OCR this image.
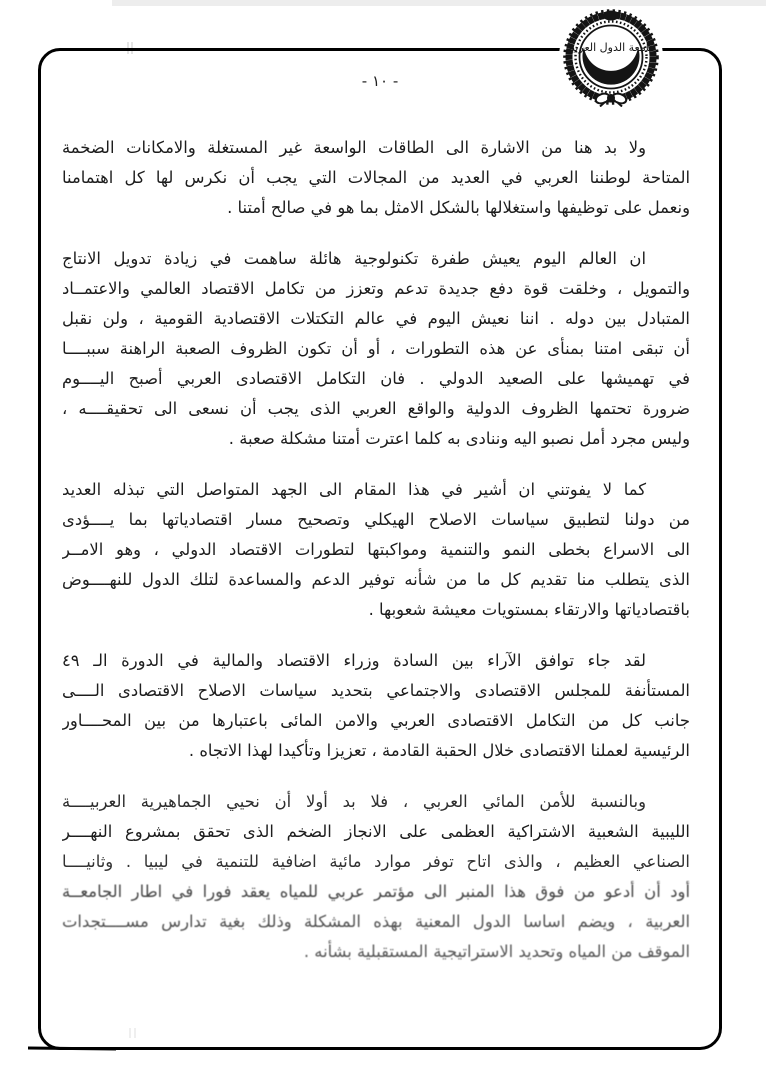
جامعة الدول العربية
- ١٠ -
ولا بد هنا من الاشارة الى الطاقات الواسعة غير المستغلة والامكانات الضخمة
المتاحة لوطننا العربي في العديد من المجالات التي يجب أن نكرس لها كل اهتمامنا
ونعمل على توظيفها واستغلالها بالشكل الامثل بما هو في صالح أمتنا .
ان العالم اليوم يعيش طفرة تكنولوجية هائلة ساهمت في زيادة تدويل الانتاج
والتمويل ، وخلقت قوة دفع جديدة تدعم وتعزز من تكامل الاقتصاد العالمي والاعتمــاد
المتبادل بين دوله . اننا نعيش اليوم في عالم التكتلات الاقتصادية القومية ، ولن نقبل
أن تبقى امتنا بمنأى عن هذه التطورات ، أو أن تكون الظروف الصعبة الراهنة سببــــا
في تهميشها على الصعيد الدولي . فان التكامل الاقتصادى العربي أصبح اليــــوم
ضرورة تحتمها الظروف الدولية والواقع العربي الذى يجب أن نسعى الى تحقيقــــه ،
وليس مجرد أمل نصبو اليه وننادى به كلما اعترت أمتنا مشكلة صعبة .
كما لا يفوتني ان أشير في هذا المقام الى الجهد المتواصل التي تبذله العديد
من دولنا لتطبيق سياسات الاصلاح الهيكلي وتصحيح مسار اقتصادياتها بما يــــؤدى
الى الاسراع بخطى النمو والتنمية ومواكبتها لتطورات الاقتصاد الدولي ، وهو الامــر
الذى يتطلب منا تقديم كل ما من شأنه توفير الدعم والمساعدة لتلك الدول للنهــــوض
باقتصادياتها والارتقاء بمستويات معيشة شعوبها .
لقد جاء توافق الآراء بين السادة وزراء الاقتصاد والمالية في الدورة الـ ٤٩
المستأنفة للمجلس الاقتصادى والاجتماعي بتحديد سياسات الاصلاح الاقتصادى الــــى
جانب كل من التكامل الاقتصادى العربي والامن المائى باعتبارها من بين المحــــاور
الرئيسية لعملنا الاقتصادى خلال الحقبة القادمة ، تعزيزا وتأكيدا لهذا الاتجاه .
وبالنسبة للأمن المائي العربي ، فلا بد أولا أن نحيي الجماهيرية العربيــــة
الليبية الشعبية الاشتراكية العظمى على الانجاز الضخم الذى تحقق بمشروع النهــــر
الصناعي العظيم ، والذى اتاح توفر موارد مائية اضافية للتنمية في ليبيا . وثانيــــا
أود أن أدعو من فوق هذا المنبر الى مؤتمر عربي للمياه يعقد فورا في اطار الجامعــة
العربية ، ويضم اساسا الدول المعنية بهذه المشكلة وذلك بغية تدارس مســــتجدات
الموقف من المياه وتحديد الاستراتيجية المستقبلية بشأنه .
